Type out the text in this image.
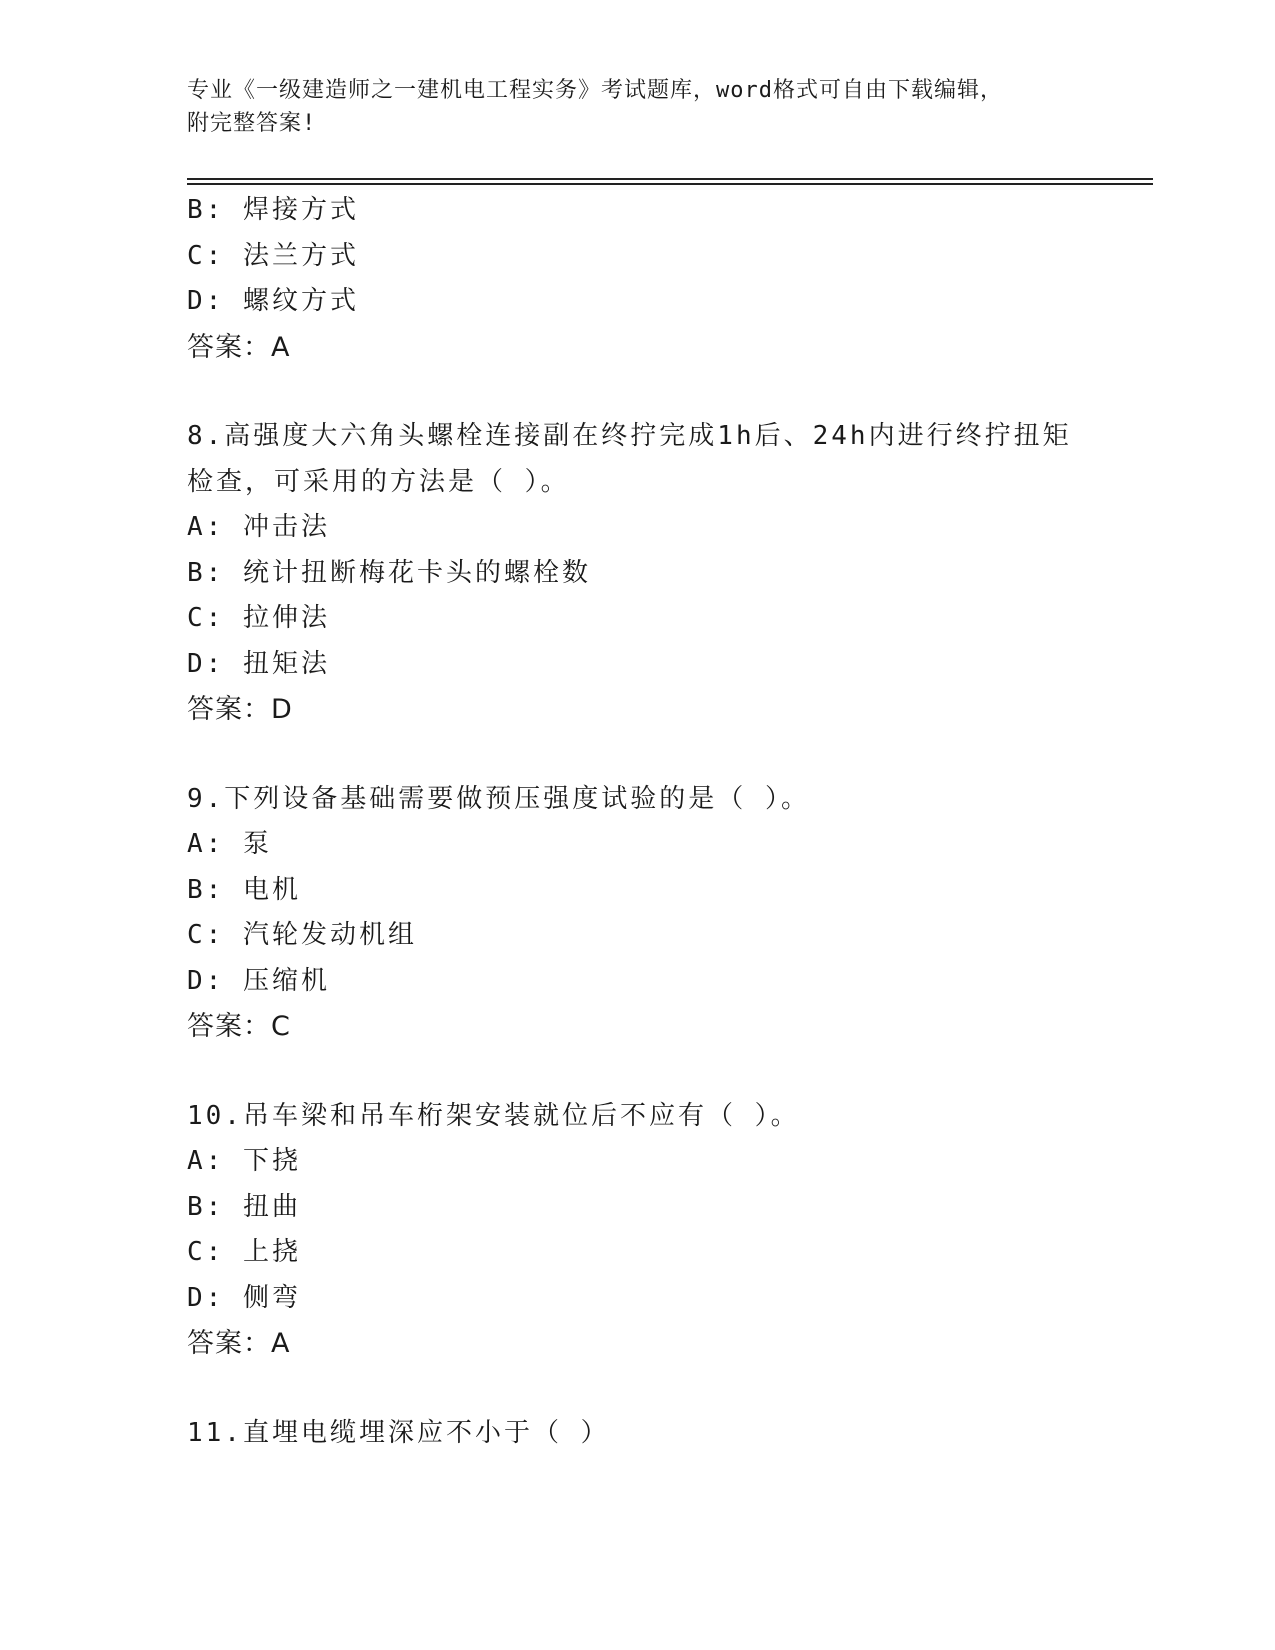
专业《一级建造师之一建机电工程实务》考试题库，word格式可自由下载编辑，
附完整答案!
B: 焊接方式
C: 法兰方式
D: 螺纹方式
答案：A
8.高强度大六角头螺栓连接副在终拧完成1h后、24h内进行终拧扭矩
检查，可采用的方法是（ ）。
A: 冲击法
B: 统计扭断梅花卡头的螺栓数
C: 拉伸法
D: 扭矩法
答案：D
9.下列设备基础需要做预压强度试验的是（ ）。
A: 泵
B: 电机
C: 汽轮发动机组
D: 压缩机
答案：C
10.吊车梁和吊车桁架安装就位后不应有（ ）。
A: 下挠
B: 扭曲
C: 上挠
D: 侧弯
答案：A
11.直埋电缆埋深应不小于（ ）
